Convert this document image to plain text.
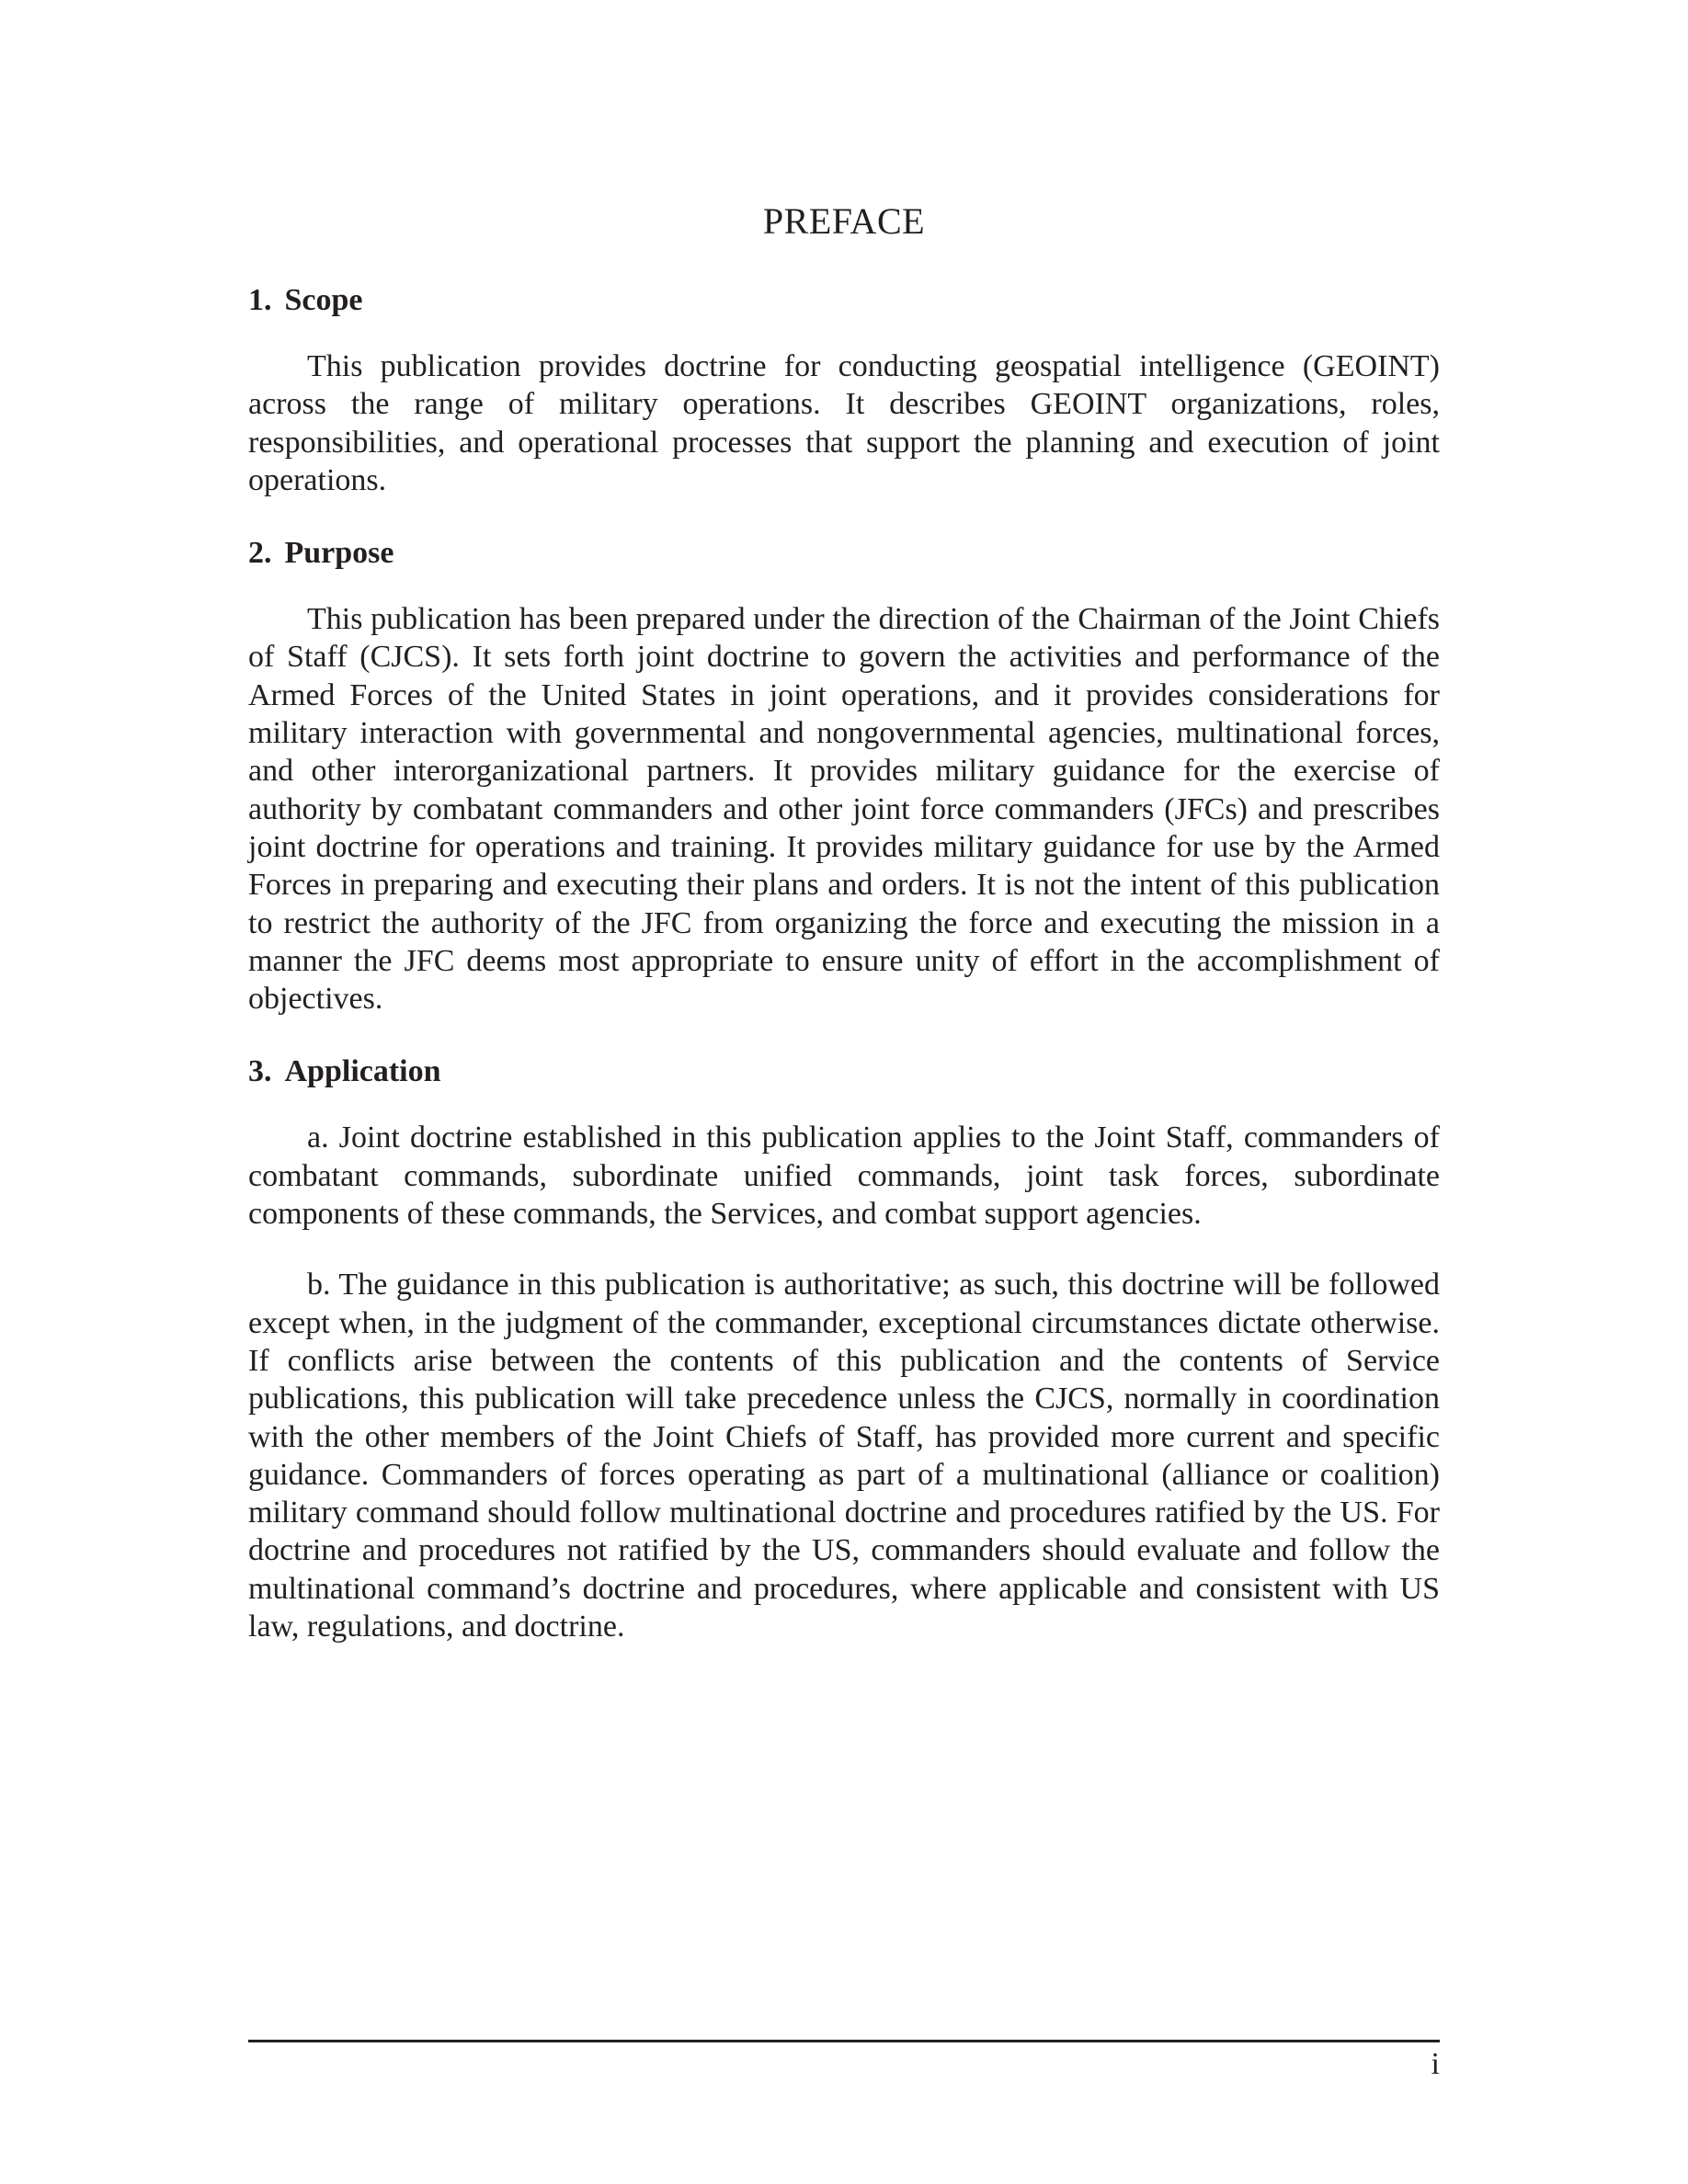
PREFACE
1. Scope

This publication provides doctrine for conducting geospatial intelligence (GEOINT) across the range of military operations. It describes GEOINT organizations, roles, responsibilities, and operational processes that support the planning and execution of joint operations.

2. Purpose

This publication has been prepared under the direction of the Chairman of the Joint Chiefs of Staff (CJCS). It sets forth joint doctrine to govern the activities and performance of the Armed Forces of the United States in joint operations, and it provides considerations for military interaction with governmental and nongovernmental agencies, multinational forces, and other interorganizational partners. It provides military guidance for the exercise of authority by combatant commanders and other joint force commanders (JFCs) and prescribes joint doctrine for operations and training. It provides military guidance for use by the Armed Forces in preparing and executing their plans and orders. It is not the intent of this publication to restrict the authority of the JFC from organizing the force and executing the mission in a manner the JFC deems most appropriate to ensure unity of effort in the accomplishment of objectives.

3. Application

a. Joint doctrine established in this publication applies to the Joint Staff, commanders of combatant commands, subordinate unified commands, joint task forces, subordinate components of these commands, the Services, and combat support agencies.

b. The guidance in this publication is authoritative; as such, this doctrine will be followed except when, in the judgment of the commander, exceptional circumstances dictate otherwise. If conflicts arise between the contents of this publication and the contents of Service publications, this publication will take precedence unless the CJCS, normally in coordination with the other members of the Joint Chiefs of Staff, has provided more current and specific guidance. Commanders of forces operating as part of a multinational (alliance or coalition) military command should follow multinational doctrine and procedures ratified by the US. For doctrine and procedures not ratified by the US, commanders should evaluate and follow the multinational command’s doctrine and procedures, where applicable and consistent with US law, regulations, and doctrine.

i
